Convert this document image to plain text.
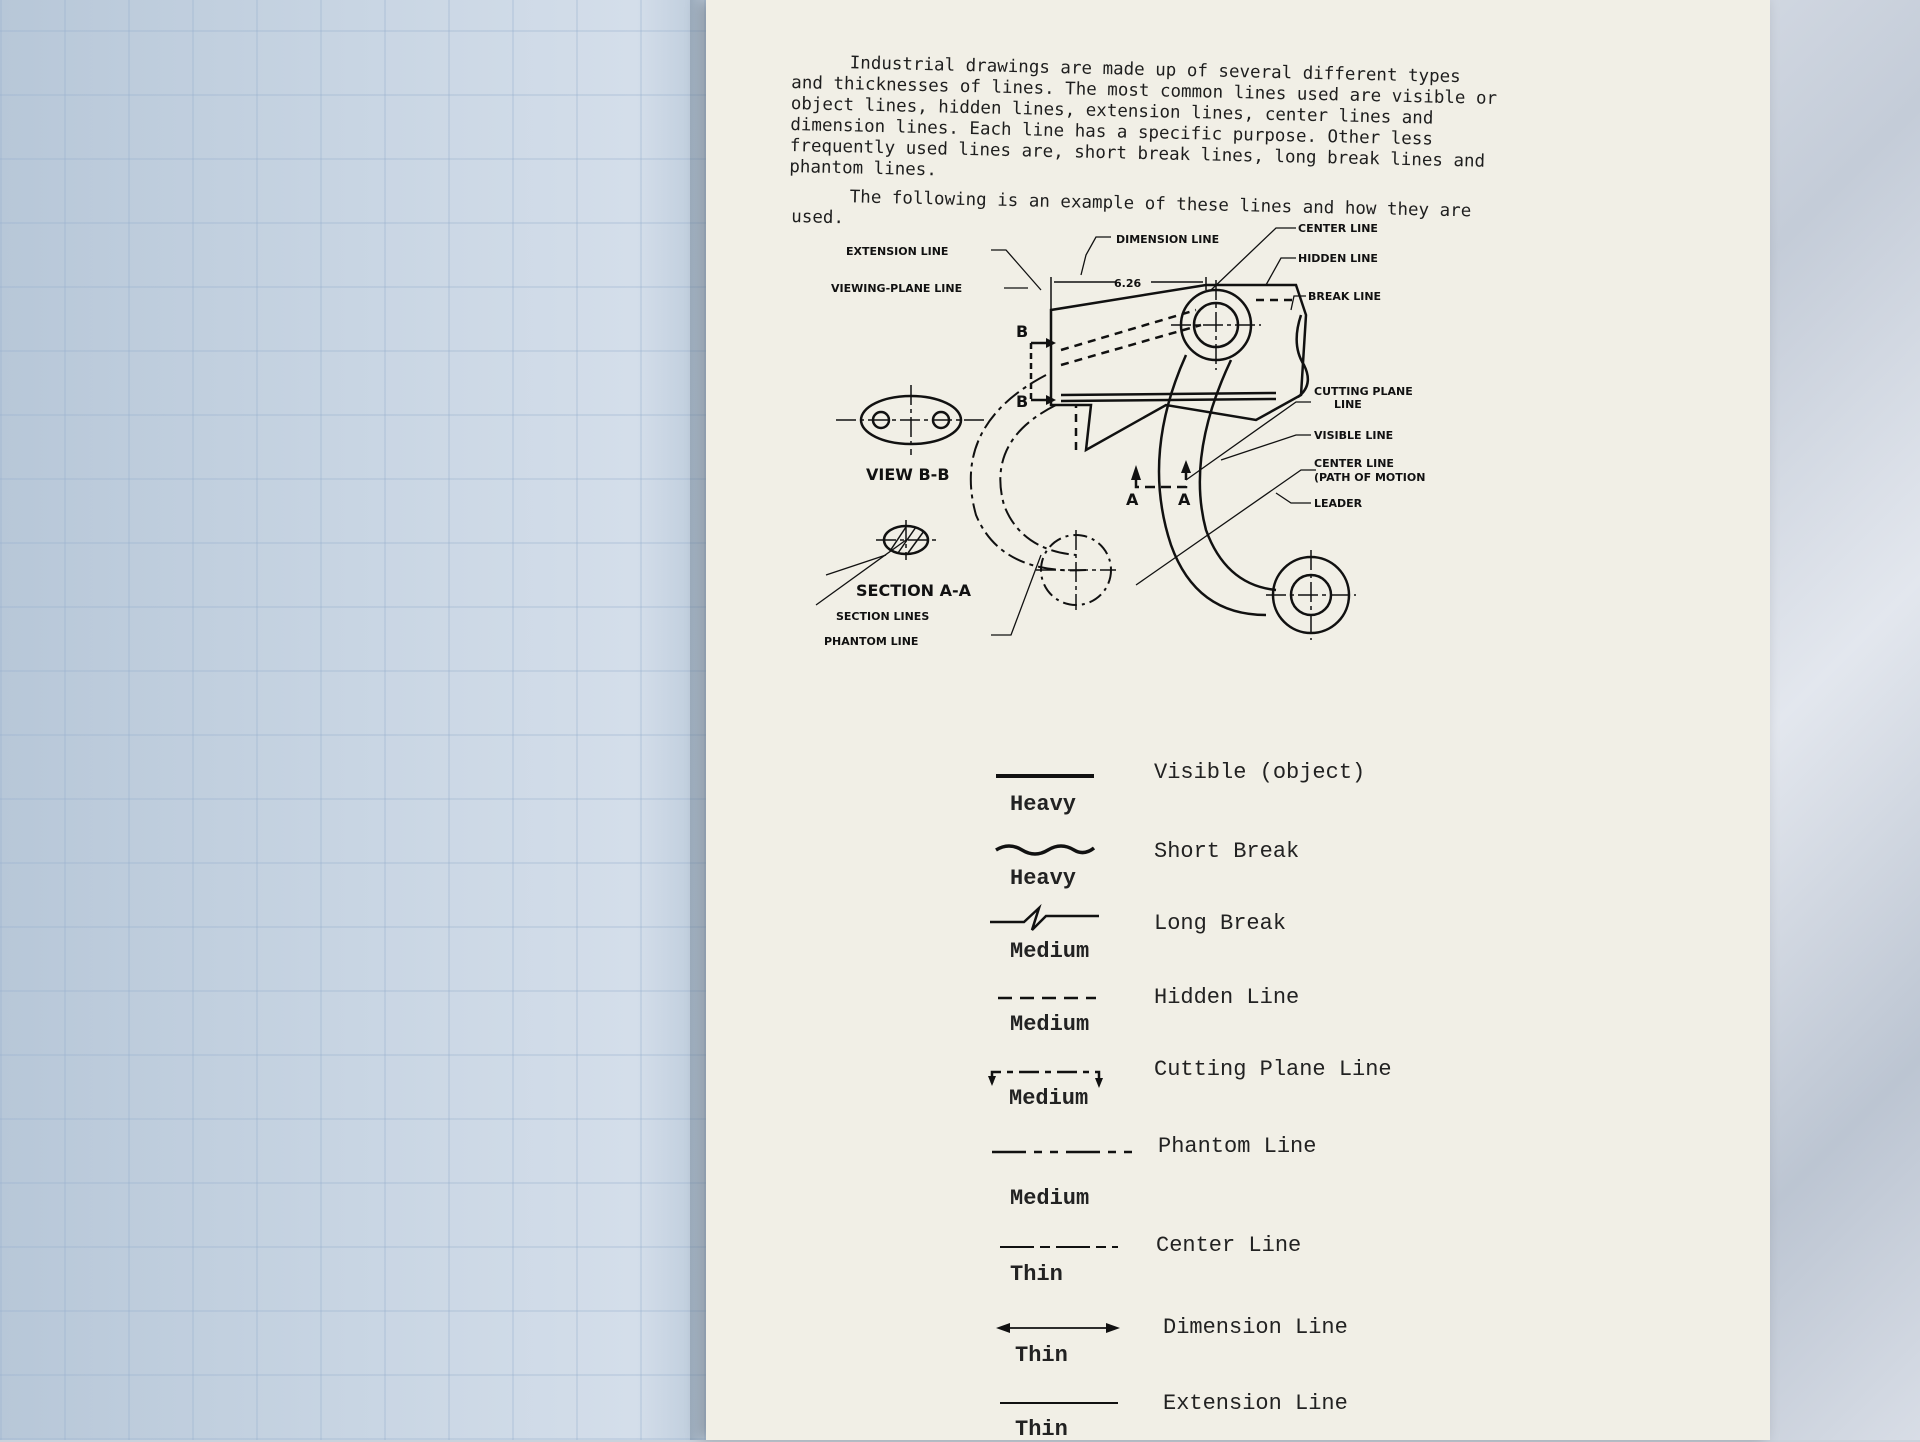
Industrial drawings are made up of several different types and thicknesses of lines. The most common lines used are visible or object lines, hidden lines, extension lines, center lines and dimension lines. Each line has a specific purpose. Other less frequently used lines are, short break lines, long break lines and phantom lines.

The following is an example of these lines and how they are used.

EXTENSION LINE
DIMENSION LINE
6.26
CENTER LINE
HIDDEN LINE
BREAK LINE
VIEWING-PLANE LINE
B
B
CUTTING PLANE
LINE
VISIBLE LINE
CENTER LINE
(PATH OF MOTION
LEADER
A A
VIEW B-B
SECTION A-A
SECTION LINES
PHANTOM LINE
Visible (object)
Heavy
Short Break
Heavy
Long Break
Medium
Hidden Line
Medium
Cutting Plane Line
Medium
Phantom Line
Medium
Center Line
Thin
Dimension Line
Thin
Extension Line
Thin
